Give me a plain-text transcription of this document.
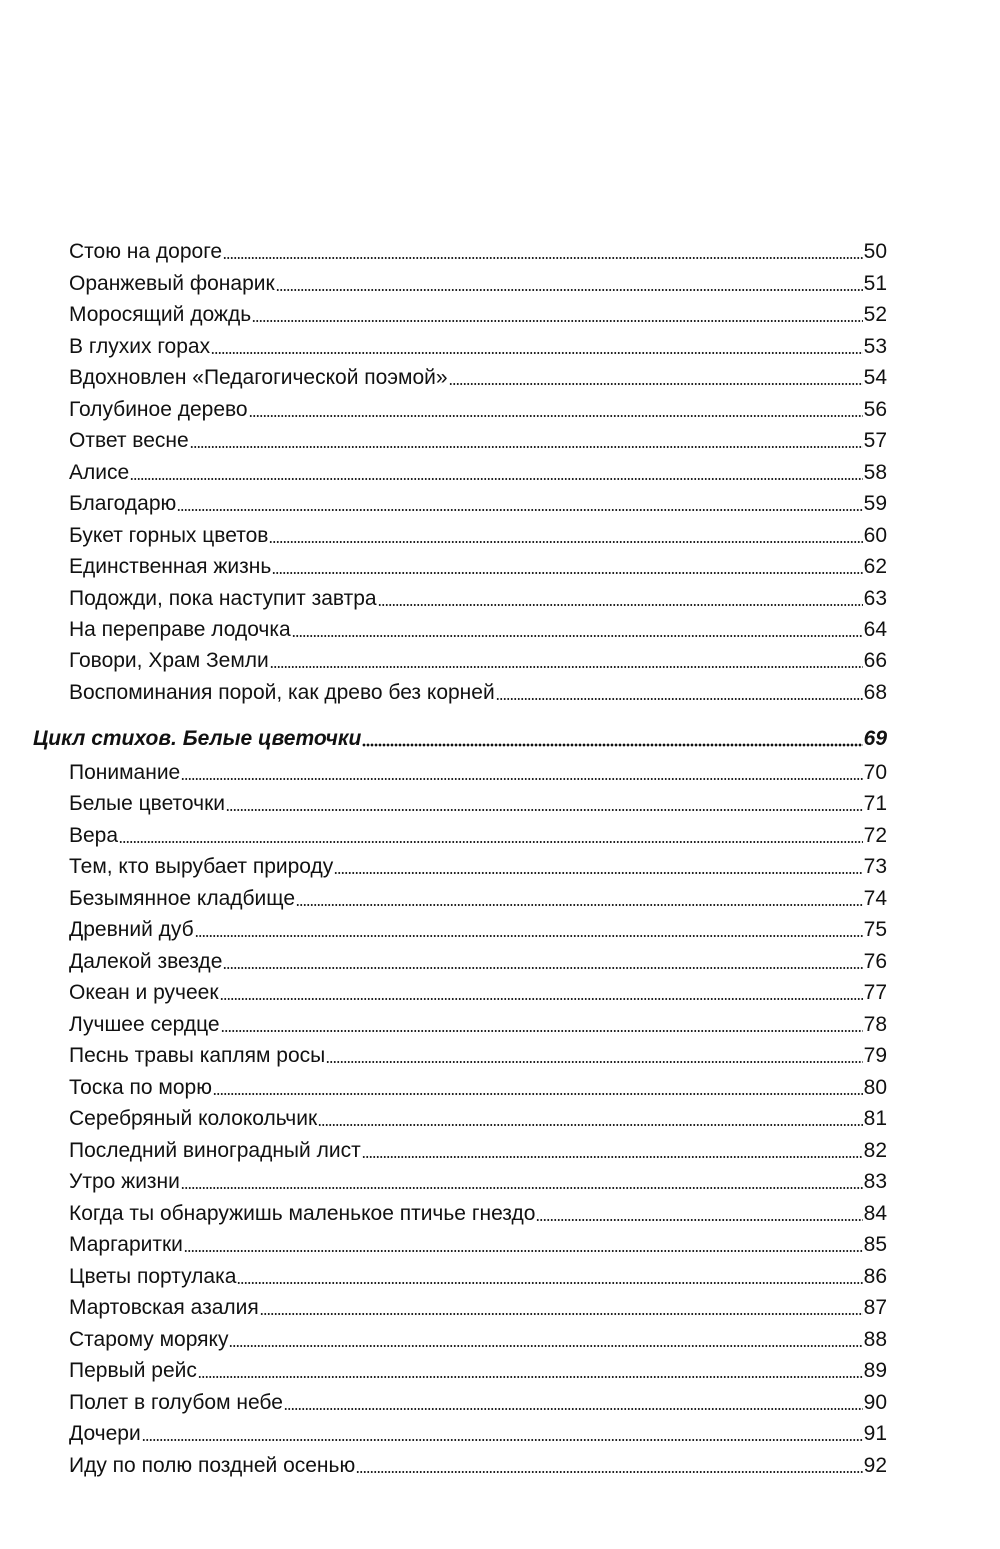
Стою на дороге	50
Оранжевый фонарик	51
Моросящий дождь	52
В глухих горах	53
Вдохновлен «Педагогической поэмой»	54
Голубиное дерево	56
Ответ весне	57
Алисе	58
Благодарю	59
Букет горных цветов	60
Единственная жизнь	62
Подожди, пока наступит завтра	63
На переправе лодочка	64
Говори, Храм Земли	66
Воспоминания порой, как древо без корней	68
Цикл стихов. Белые цветочки	69
Понимание	70
Белые цветочки	71
Вера	72
Тем, кто вырубает природу	73
Безымянное кладбище	74
Древний дуб	75
Далекой звезде	76
Океан и ручеек	77
Лучшее сердце	78
Песнь травы каплям росы	79
Тоска по морю	80
Серебряный колокольчик	81
Последний виноградный лист	82
Утро жизни	83
Когда ты обнаружишь маленькое птичье гнездо	84
Маргаритки	85
Цветы портулака	86
Мартовская азалия	87
Старому моряку	88
Первый рейс	89
Полет в голубом небе	90
Дочери	91
Иду по полю поздней осенью	92
